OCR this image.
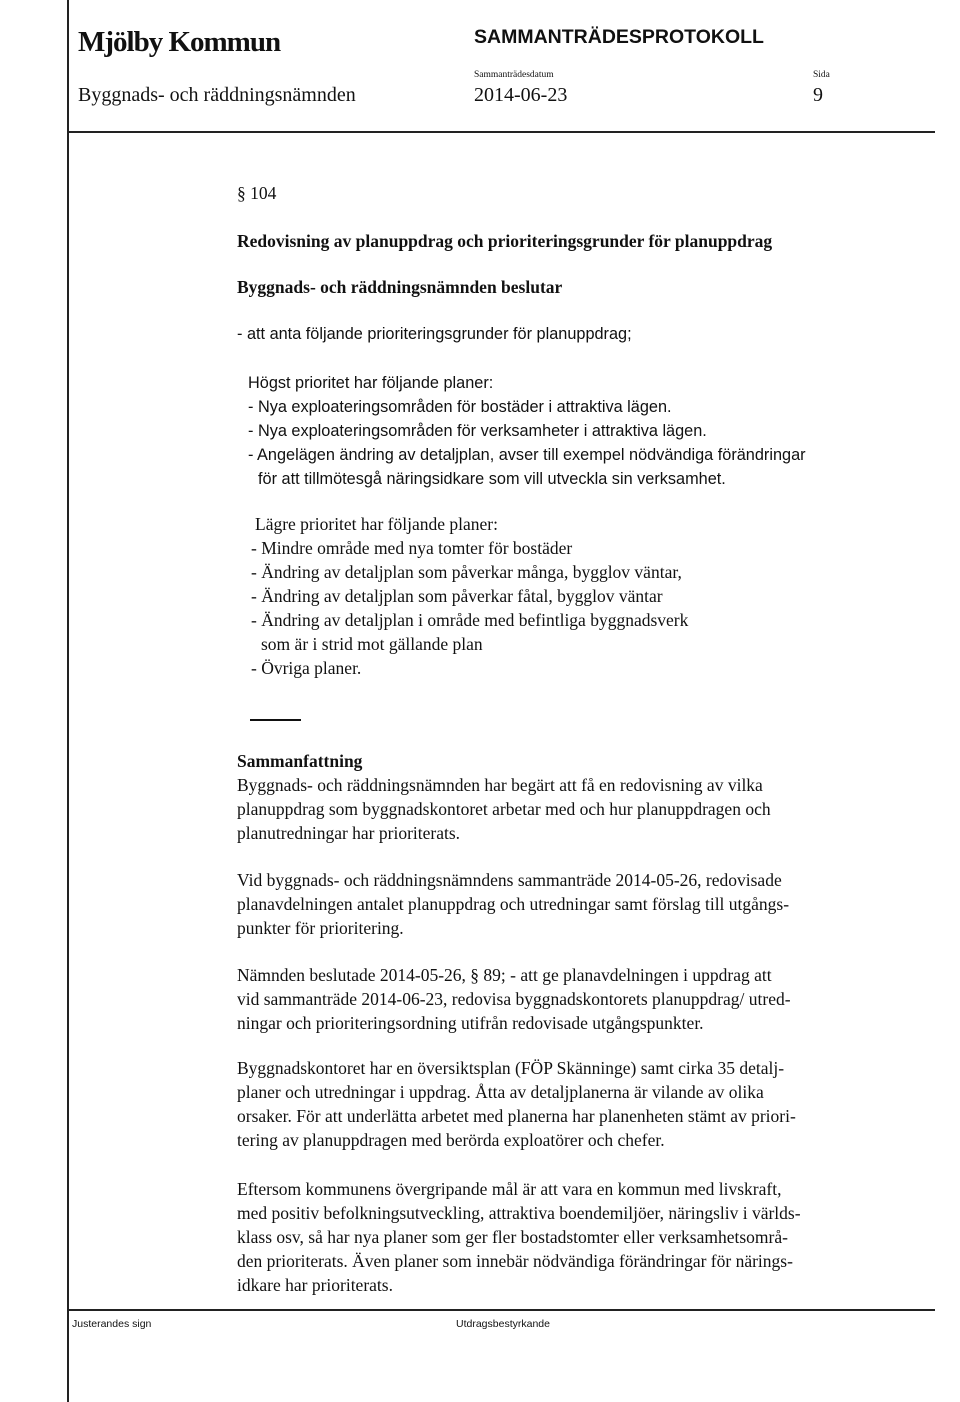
Mjölby Kommun	SAMMANTRÄDESPROTOKOLL
Sammanträdesdatum	Sida
Byggnads- och räddningsnämnden	2014-06-23	9
§ 104
Redovisning av planuppdrag och prioriteringsgrunder för planuppdrag
Byggnads- och räddningsnämnden beslutar
- att anta följande prioriteringsgrunder för planuppdrag;

Högst prioritet har följande planer:

- Nya exploateringsområden för bostäder i attraktiva lägen.

- Nya exploateringsområden för verksamheter i attraktiva lägen.

- Angelägen ändring av detaljplan, avser till exempel nödvändiga förändringar

för att tillmötesgå näringsidkare som vill utveckla sin verksamhet.

Lägre prioritet har följande planer:

- Mindre område med nya tomter för bostäder

- Ändring av detaljplan som påverkar många, bygglov väntar,

- Ändring av detaljplan som påverkar fåtal, bygglov väntar

- Ändring av detaljplan i område med befintliga byggnadsverk

som är i strid mot gällande plan

- Övriga planer.

Sammanfattning

Byggnads- och räddningsnämnden har begärt att få en redovisning av vilka

planuppdrag som byggnadskontoret arbetar med och hur planuppdragen och

planutredningar har prioriterats.

Vid byggnads- och räddningsnämndens sammanträde 2014-05-26, redovisade

planavdelningen antalet planuppdrag och utredningar samt förslag till utgångs-

punkter för prioritering.

Nämnden beslutade 2014-05-26, § 89; - att ge planavdelningen i uppdrag att

vid sammanträde 2014-06-23, redovisa byggnadskontorets planuppdrag/ utred-

ningar och prioriteringsordning utifrån redovisade utgångspunkter.

Byggnadskontoret har en översiktsplan (FÖP Skänninge) samt cirka 35 detalj-

planer och utredningar i uppdrag. Åtta av detaljplanerna är vilande av olika

orsaker. För att underlätta arbetet med planerna har planenheten stämt av priori-

tering av planuppdragen med berörda exploatörer och chefer.

Eftersom kommunens övergripande mål är att vara en kommun med livskraft,

med positiv befolkningsutveckling, attraktiva boendemiljöer, näringsliv i världs-

klass osv, så har nya planer som ger fler bostadstomter eller verksamhetsområ-

den prioriterats. Även planer som innebär nödvändiga förändringar för närings-

idkare har prioriterats.

Justerandes sign	Utdragsbestyrkande
